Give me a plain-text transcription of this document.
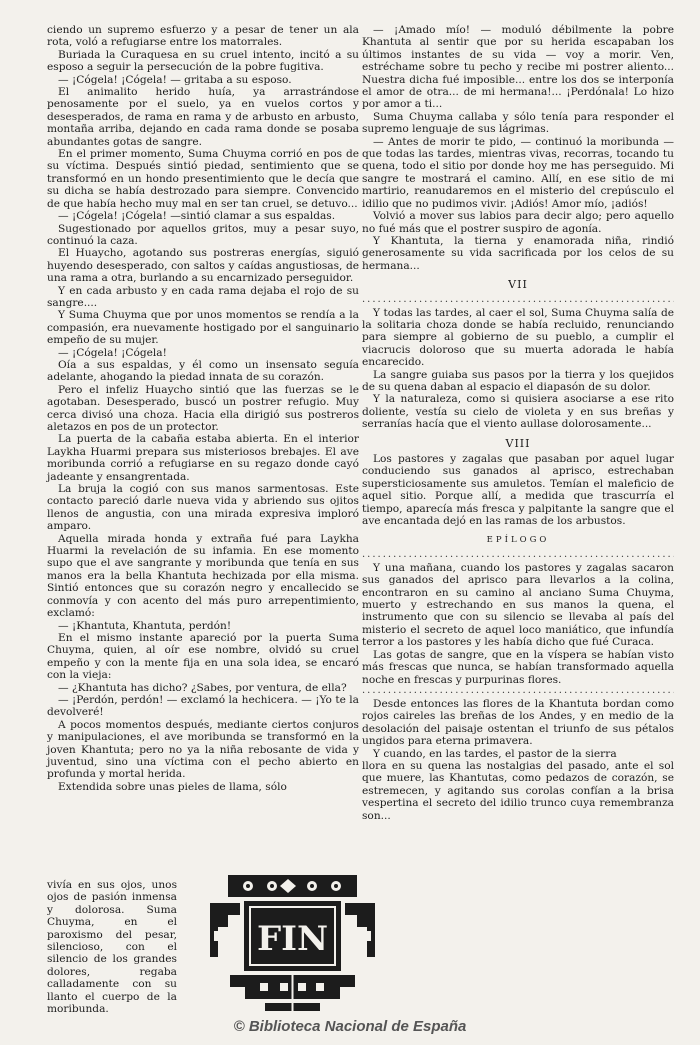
ciendo un supremo esfuerzo y a pesar de tener un ala rota, voló a refugiarse entre los matorrales.

Buriada la Curaquesa en su cruel intento, incitó a su esposo a seguir la persecución de la pobre fugitiva.

— ¡Cógela! ¡Cógela! — gritaba a su esposo.

El animalito herido huía, ya arrastrándose penosamente por el suelo, ya en vuelos cortos y desesperados, de rama en rama y de arbusto en arbusto, montaña arriba, dejando en cada rama donde se posaba abundantes gotas de sangre.

En el primer momento, Suma Chuyma corrió en pos de su víctima. Después sintió piedad, sentimiento que se transformó en un hondo presentimiento que le decía que su dicha se había destrozado para siempre. Convencido de que había hecho muy mal en ser tan cruel, se detuvo...

— ¡Cógela! ¡Cógela! —sintió clamar a sus espaldas.

Sugestionado por aquellos gritos, muy a pesar suyo, continuó la caza.

El Huaycho, agotando sus postreras energías, siguió huyendo desesperado, con saltos y caídas angustiosas, de una rama a otra, burlando a su encarnizado perseguidor.

Y en cada arbusto y en cada rama dejaba el rojo de su sangre....

Y Suma Chuyma que por unos momentos se rendía a la compasión, era nuevamente hostigado por el sanguinario empeño de su mujer.

— ¡Cógela! ¡Cógela!

Oía a sus espaldas, y él como un insensato seguía adelante, ahogando la piedad innata de su corazón.

Pero el infeliz Huaycho sintió que las fuerzas se le agotaban. Desesperado, buscó un postrer refugio. Muy cerca divisó una choza. Hacia ella dirigió sus postreros aletazos en pos de un protector.

La puerta de la cabaña estaba abierta. En el interior Laykha Huarmi prepara sus misteriosos brebajes. El ave moribunda corrió a refugiarse en su regazo donde cayó jadeante y ensangrentada.

La bruja la cogió con sus manos sarmentosas. Este contacto pareció darle nueva vida y abriendo sus ojitos llenos de angustia, con una mirada expresiva imploró amparo.

Aquella mirada honda y extraña fué para Laykha Huarmi la revelación de su infamia. En ese momento supo que el ave sangrante y moribunda que tenía en sus manos era la bella Khantuta hechizada por ella misma. Sintió entonces que su corazón negro y encallecido se conmovía y con acento del más puro arrepentimiento, exclamó:

— ¡Khantuta, Khantuta, perdón!

En el mismo instante apareció por la puerta Suma Chuyma, quien, al oír ese nombre, olvidó su cruel empeño y con la mente fija en una sola idea, se encaró con la vieja:

— ¿Khantuta has dicho? ¿Sabes, por ventura, de ella?

— ¡Perdón, perdón! — exclamó la hechicera. — ¡Yo te la devolveré!

A pocos momentos después, mediante ciertos conjuros y manipulaciones, el ave moribunda se transformó en la joven Khantuta; pero no ya la niña rebosante de vida y juventud, sino una víctima con el pecho abierto en profunda y mortal herida.

Extendida sobre unas pieles de llama, sólo

— ¡Amado mío! — moduló débilmente la pobre Khantuta al sentir que por su herida escapaban los últimos instantes de su vida — voy a morir. Ven, estréchame sobre tu pecho y recibe mi postrer aliento... Nuestra dicha fué imposible... entre los dos se interponía el amor de otra... de mi hermana!... ¡Perdónala! Lo hizo por amor a ti...

Suma Chuyma callaba y sólo tenía para responder el supremo lenguaje de sus lágrimas.

— Antes de morir te pido, — continuó la moribunda — que todas las tardes, mientras vivas, recorras, tocando tu quena, todo el sitio por donde hoy me has perseguido. Mi sangre te mostrará el camino. Allí, en ese sitio de mi martirio, reanudaremos en el misterio del crepúsculo el idilio que no pudimos vivir. ¡Adiós! Amor mío, ¡adiós!

Volvió a mover sus labios para decir algo; pero aquello no fué más que el postrer suspiro de agonía.

Y Khantuta, la tierna y enamorada niña, rindió generosamente su vida sacrificada por los celos de su hermana...

VII
.....

Y todas las tardes, al caer el sol, Suma Chuyma salía de la solitaria choza donde se había recluido, renunciando para siempre al gobierno de su pueblo, a cumplir el viacrucis doloroso que su muerta adorada le había encarecido.

La sangre guiaba sus pasos por la tierra y los quejidos de su quena daban al espacio el diapasón de su dolor.

Y la naturaleza, como si quisiera asociarse a ese rito doliente, vestía su cielo de violeta y en sus breñas y serranías hacía que el viento aullase dolorosamente...

VIII

Los pastores y zagalas que pasaban por aquel lugar conduciendo sus ganados al aprisco, estrechaban supersticiosamente sus amuletos. Temían el maleficio de aquel sitio. Porque allí, a medida que trascurría el tiempo, aparecía más fresca y palpitante la sangre que el ave encantada dejó en las ramas de los arbustos.

EPÍLOGO
.....

Y una mañana, cuando los pastores y zagalas sacaron sus ganados del aprisco para llevarlos a la colina, encontraron en su camino al anciano Suma Chuyma, muerto y estrechando en sus manos la quena, el instrumento que con su silencio se llevaba al país del misterio el secreto de aquel loco maniático, que infundía terror a los pastores y les había dicho que fué Curaca.

Las gotas de sangre, que en la víspera se habían visto más frescas que nunca, se habían transformado aquella noche en frescas y purpurinas flores.

.....

Desde entonces las flores de la Khantuta bordan como rojos caireles las breñas de los Andes, y en medio de la desolación del paisaje ostentan el triunfo de sus pétalos ungidos para eterna primavera.

Y cuando, en las tardes, el pastor de la sierra

llora en su quena las nostalgias del pasado, ante el sol que muere, las Khantutas, como pedazos de corazón, se estremecen, y agitando sus corolas confían a la brisa vespertina el secreto del idilio trunco cuya remembranza son...

FIN

vivía en sus ojos, unos ojos de pasión inmensa y dolorosa. Suma Chuyma, en el paroxismo del pesar, silencioso, con el silencio de los grandes dolores, regaba calladamente con su llanto el cuerpo de la moribunda.

© Biblioteca Nacional de España
